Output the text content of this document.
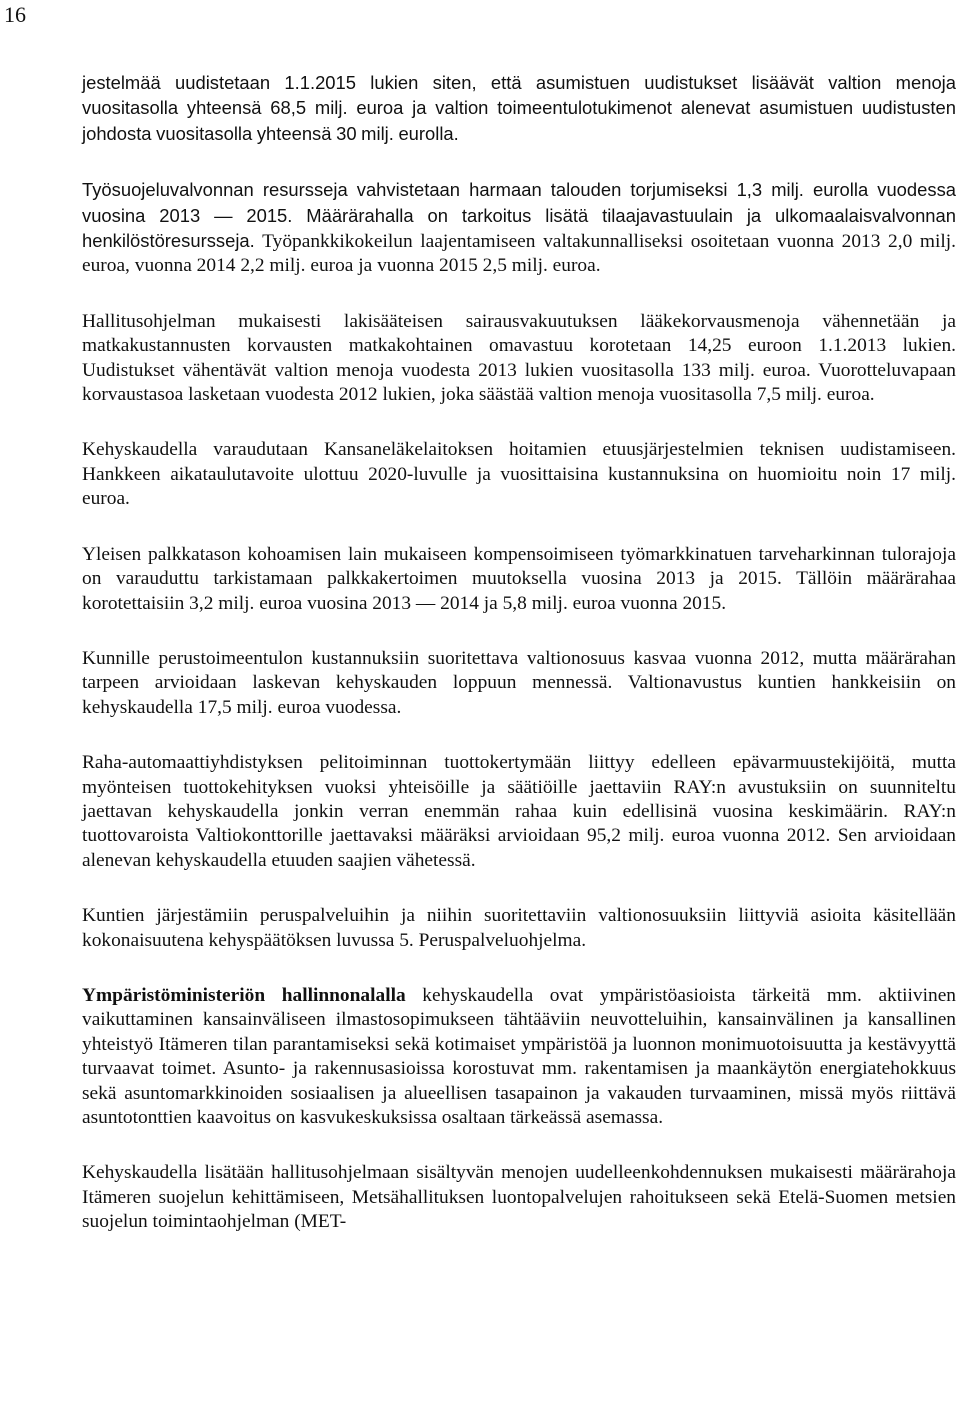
16

jestelmää uudistetaan 1.1.2015 lukien siten, että asumistuen uudistukset lisäävät valtion menoja vuositasolla yhteensä 68,5 milj. euroa ja valtion toimeentulotukimenot alenevat asumistuen uudistusten johdosta vuositasolla yhteensä 30 milj. eurolla.

Työsuojeluvalvonnan resursseja vahvistetaan harmaan talouden torjumiseksi 1,3 milj. eurolla vuodessa vuosina 2013 — 2015. Määrärahalla on tarkoitus lisätä tilaajavastuulain ja ulkomaalaisvalvonnan henkilöstöresursseja. Työpankkikokeilun laajentamiseen valtakunnalliseksi osoitetaan vuonna 2013 2,0 milj. euroa, vuonna 2014 2,2 milj. euroa ja vuonna 2015 2,5 milj. euroa.

Hallitusohjelman mukaisesti lakisääteisen sairausvakuutuksen lääkekorvausmenoja vähennetään ja matkakustannusten korvausten matkakohtainen omavastuu korotetaan 14,25 euroon 1.1.2013 lukien. Uudistukset vähentävät valtion menoja vuodesta 2013 lukien vuositasolla 133 milj. euroa. Vuorotteluvapaan korvaustasoa lasketaan vuodesta 2012 lukien, joka säästää valtion menoja vuositasolla 7,5 milj. euroa.

Kehyskaudella varaudutaan Kansaneläkelaitoksen hoitamien etuusjärjestelmien teknisen uudistamiseen. Hankkeen aikataulutavoite ulottuu 2020-luvulle ja vuosittaisina kustannuksina on huomioitu noin 17 milj. euroa.

Yleisen palkkatason kohoamisen lain mukaiseen kompensoimiseen työmarkkinatuen tarveharkinnan tulorajoja on varauduttu tarkistamaan palkkakertoimen muutoksella vuosina 2013 ja 2015. Tällöin määrärahaa korotettaisiin 3,2 milj. euroa vuosina 2013 — 2014 ja 5,8 milj. euroa vuonna 2015.

Kunnille perustoimeentulon kustannuksiin suoritettava valtionosuus kasvaa vuonna 2012, mutta määrärahan tarpeen arvioidaan laskevan kehyskauden loppuun mennessä. Valtionavustus kuntien hankkeisiin on kehyskaudella 17,5 milj. euroa vuodessa.

Raha-automaattiyhdistyksen pelitoiminnan tuottokertymään liittyy edelleen epävarmuustekijöitä, mutta myönteisen tuottokehityksen vuoksi yhteisöille ja säätiöille jaettaviin RAY:n avustuksiin on suunniteltu jaettavan kehyskaudella jonkin verran enemmän rahaa kuin edellisinä vuosina keskimäärin. RAY:n tuottovaroista Valtiokonttorille jaettavaksi määräksi arvioidaan 95,2 milj. euroa vuonna 2012. Sen arvioidaan alenevan kehyskaudella etuuden saajien vähetessä.

Kuntien järjestämiin peruspalveluihin ja niihin suoritettaviin valtionosuuksiin liittyviä asioita käsitellään kokonaisuutena kehyspäätöksen luvussa 5. Peruspalveluohjelma.

Ympäristöministeriön hallinnonalalla kehyskaudella ovat ympäristöasioista tärkeitä mm. aktiivinen vaikuttaminen kansainväliseen ilmastosopimukseen tähtääviin neuvotteluihin, kansainvälinen ja kansallinen yhteistyö Itämeren tilan parantamiseksi sekä kotimaiset ympäristöä ja luonnon monimuotoisuutta ja kestävyyttä turvaavat toimet. Asunto- ja rakennusasioissa korostuvat mm. rakentamisen ja maankäytön energiatehokkuus sekä asuntomarkkinoiden sosiaalisen ja alueellisen tasapainon ja vakauden turvaaminen, missä myös riittävä asuntotonttien kaavoitus on kasvukeskuksissa osaltaan tärkeässä asemassa.

Kehyskaudella lisätään hallitusohjelmaan sisältyvän menojen uudelleenkohdennuksen mukaisesti määrärahoja Itämeren suojelun kehittämiseen, Metsähallituksen luontopalvelujen rahoitukseen sekä Etelä-Suomen metsien suojelun toimintaohjelman (MET-
